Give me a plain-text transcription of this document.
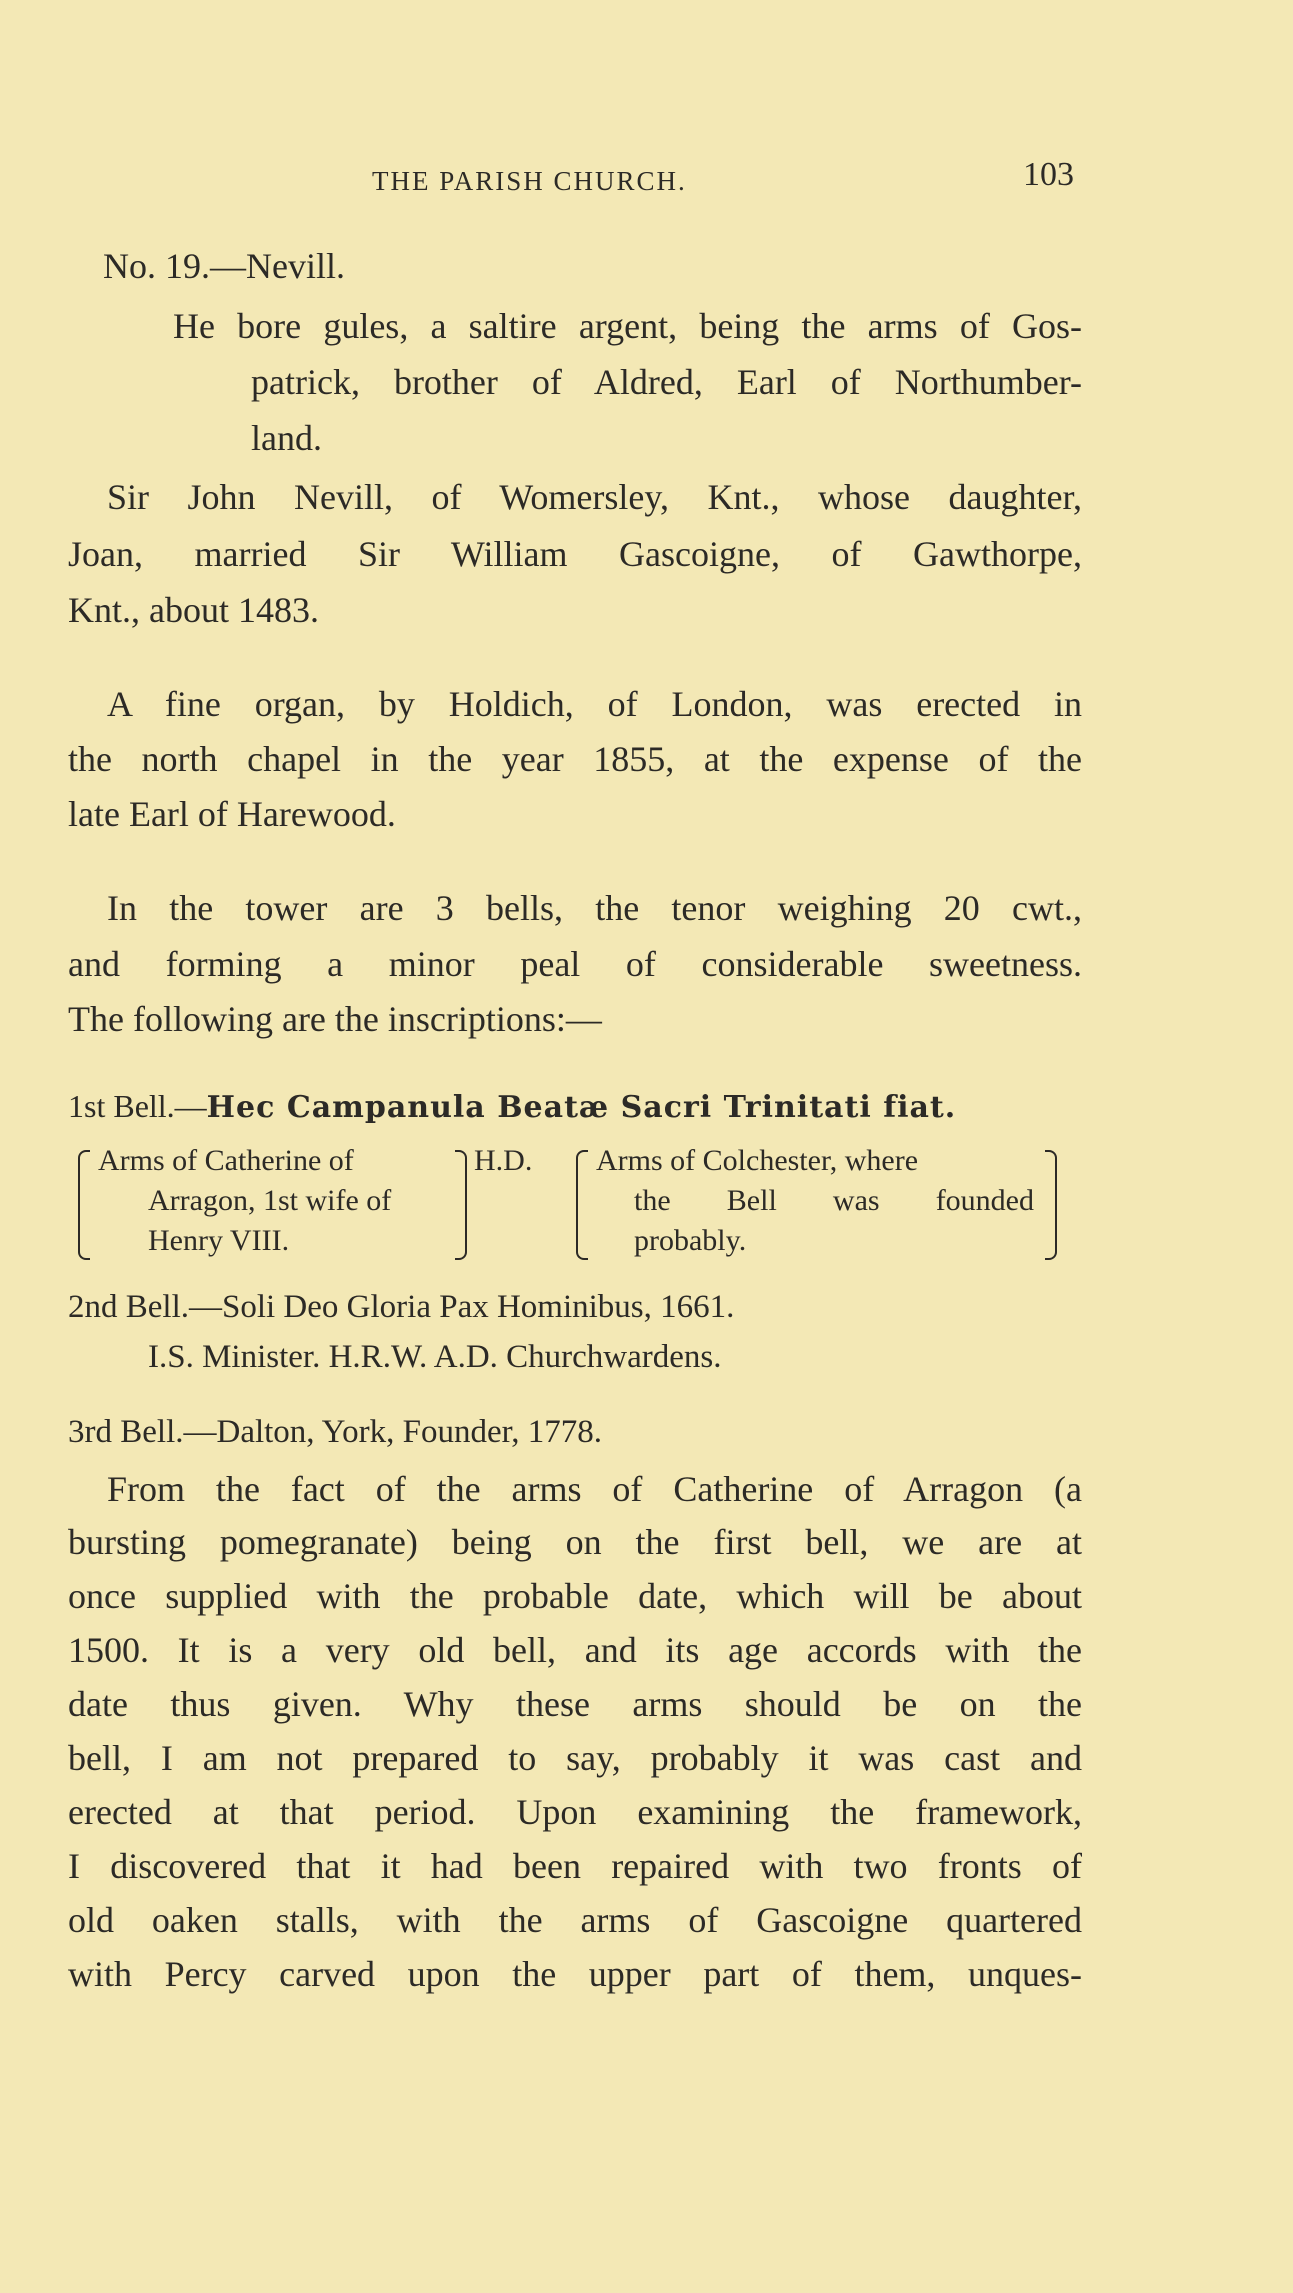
THE PARISH CHURCH.	103
No. 19.—Nevill.
He bore gules, a saltire argent, being the arms of Gos-
patrick, brother of Aldred, Earl of Northumber-
land.
Sir John Nevill, of Womersley, Knt., whose daughter,
Joan, married Sir William Gascoigne, of Gawthorpe,
Knt., about 1483.
A fine organ, by Holdich, of London, was erected in
the north chapel in the year 1855, at the expense of the
late Earl of Harewood.
In the tower are 3 bells, the tenor weighing 20 cwt.,
and forming a minor peal of considerable sweetness.
The following are the inscriptions:—
1st Bell.—Hec Campanula Beatæ Sacri Trinitati fiat.
Arms of Catherine of
Arragon, 1st wife of
Henry VIII.
H.D. Arms of Colchester, where
the Bell was founded
probably.
2nd Bell.—Soli Deo Gloria Pax Hominibus, 1661.
I.S. Minister. H.R.W. A.D. Churchwardens.
3rd Bell.—Dalton, York, Founder, 1778.
From the fact of the arms of Catherine of Arragon (a
bursting pomegranate) being on the first bell, we are at
once supplied with the probable date, which will be about
1500. It is a very old bell, and its age accords with the
date thus given. Why these arms should be on the
bell, I am not prepared to say, probably it was cast and
erected at that period. Upon examining the framework,
I discovered that it had been repaired with two fronts of
old oaken stalls, with the arms of Gascoigne quartered
with Percy carved upon the upper part of them, unques-
